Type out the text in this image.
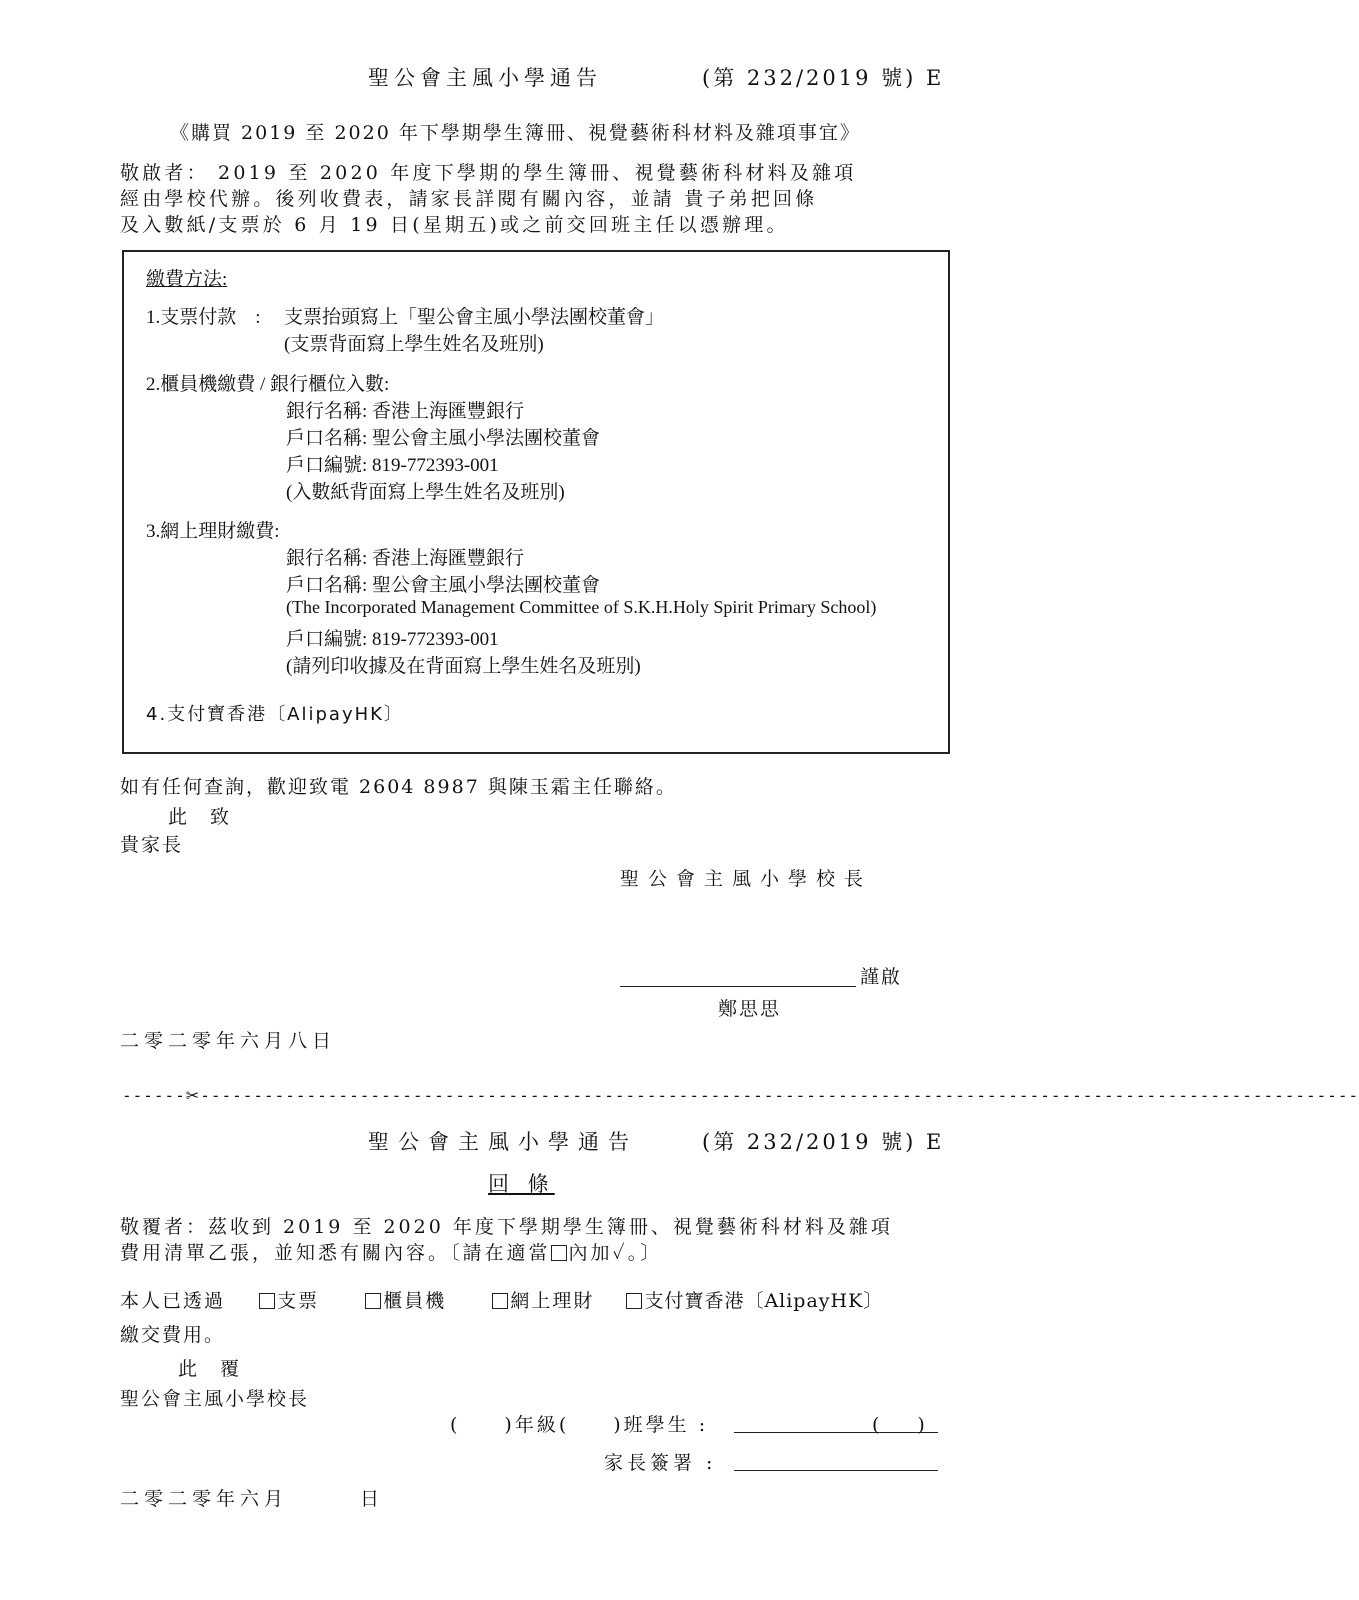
聖公會主風小學通告	(第 232/2019 號) E
《購買 2019 至 2020 年下學期學生簿冊、視覺藝術科材料及雜項事宜》
敬啟者： 2019 至 2020 年度下學期的學生簿冊、視覺藝術科材料及雜項
經由學校代辦。後列收費表，請家長詳閱有關內容，並請 貴子弟把回條
及入數紙/支票於 6 月 19 日(星期五)或之前交回班主任以憑辦理。
繳費方法:
1.支票付款　: 支票抬頭寫上「聖公會主風小學法團校董會」
(支票背面寫上學生姓名及班別)
2.櫃員機繳費 / 銀行櫃位入數:
銀行名稱: 香港上海匯豐銀行
戶口名稱: 聖公會主風小學法團校董會
戶口編號: 819-772393-001
(入數紙背面寫上學生姓名及班別)
3.網上理財繳費:
銀行名稱: 香港上海匯豐銀行
戶口名稱: 聖公會主風小學法團校董會
(The Incorporated Management Committee of S.K.H.Holy Spirit Primary School)
戶口編號: 819-772393-001
(請列印收據及在背面寫上學生姓名及班別)
4.支付寶香港〔AlipayHK〕
如有任何查詢，歡迎致電 2604 8987 與陳玉霜主任聯絡。
此　致
貴家長
聖公會主風小學校長
謹啟
鄭思思
二零二零年六月八日
------✂-------------------------------------------------------------------------------------------------------------
聖公會主風小學通告	(第 232/2019 號) E
回 條
敬覆者：茲收到 2019 至 2020 年度下學期學生簿冊、視覺藝術科材料及雜項
費用清單乙張，並知悉有關內容。〔請在適當 內加✓。〕
本人已透過	支票	櫃員機	網上理財	支付寶香港〔AlipayHK〕
繳交費用。
此　覆
聖公會主風小學校長
(　　)年級(　　)班學生 :	(　　)
家長簽署 :
二零二零年六月　　　日
